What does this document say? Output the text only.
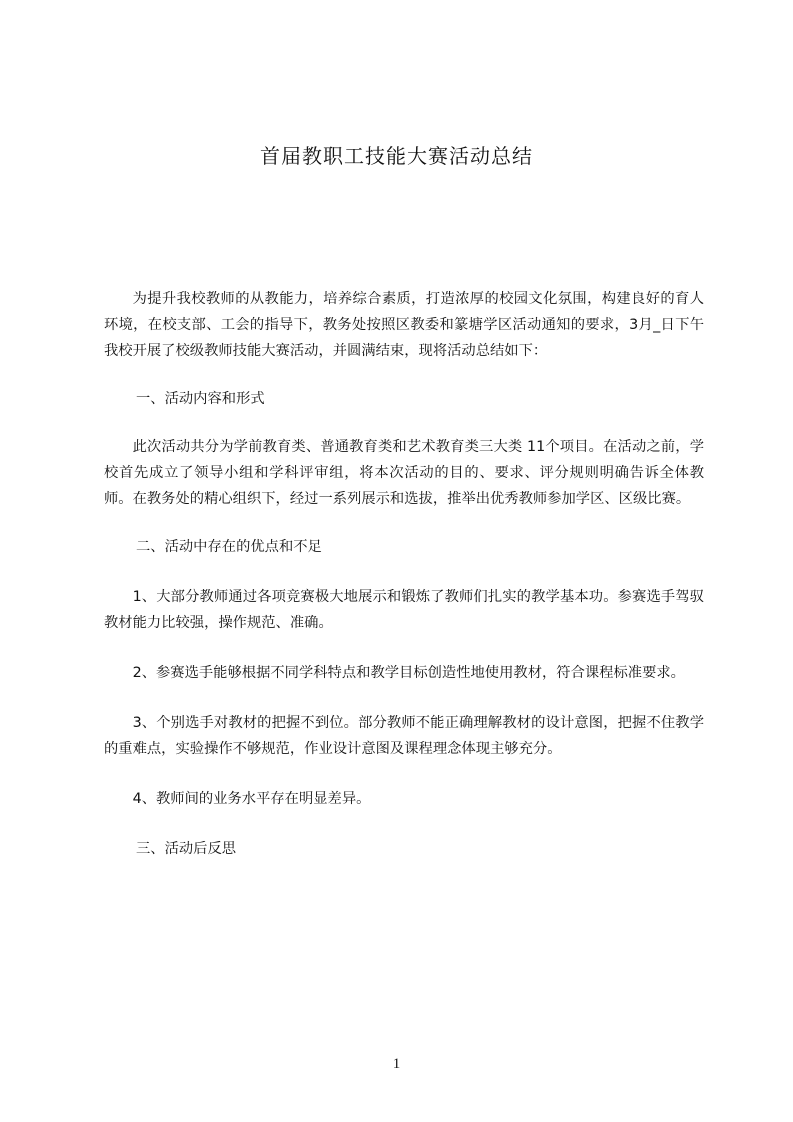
首届教职工技能大赛活动总结

为提升我校教师的从教能力，培养综合素质，打造浓厚的校园文化氛围，构建良好的育人环境，在校支部、工会的指导下，教务处按照区教委和篆塘学区活动通知的要求，3月_日下午我校开展了校级教师技能大赛活动，并圆满结束，现将活动总结如下：

一、活动内容和形式

此次活动共分为学前教育类、普通教育类和艺术教育类三大类 11个项目。在活动之前，学校首先成立了领导小组和学科评审组，将本次活动的目的、要求、评分规则明确告诉全体教师。在教务处的精心组织下，经过一系列展示和选拔，推举出优秀教师参加学区、区级比赛。

二、活动中存在的优点和不足

1、大部分教师通过各项竞赛极大地展示和锻炼了教师们扎实的教学基本功。参赛选手驾驭教材能力比较强，操作规范、准确。

2、参赛选手能够根据不同学科特点和教学目标创造性地使用教材，符合课程标准要求。

3、个别选手对教材的把握不到位。部分教师不能正确理解教材的设计意图，把握不住教学的重难点，实验操作不够规范，作业设计意图及课程理念体现主够充分。

4、教师间的业务水平存在明显差异。

三、活动后反思

1
